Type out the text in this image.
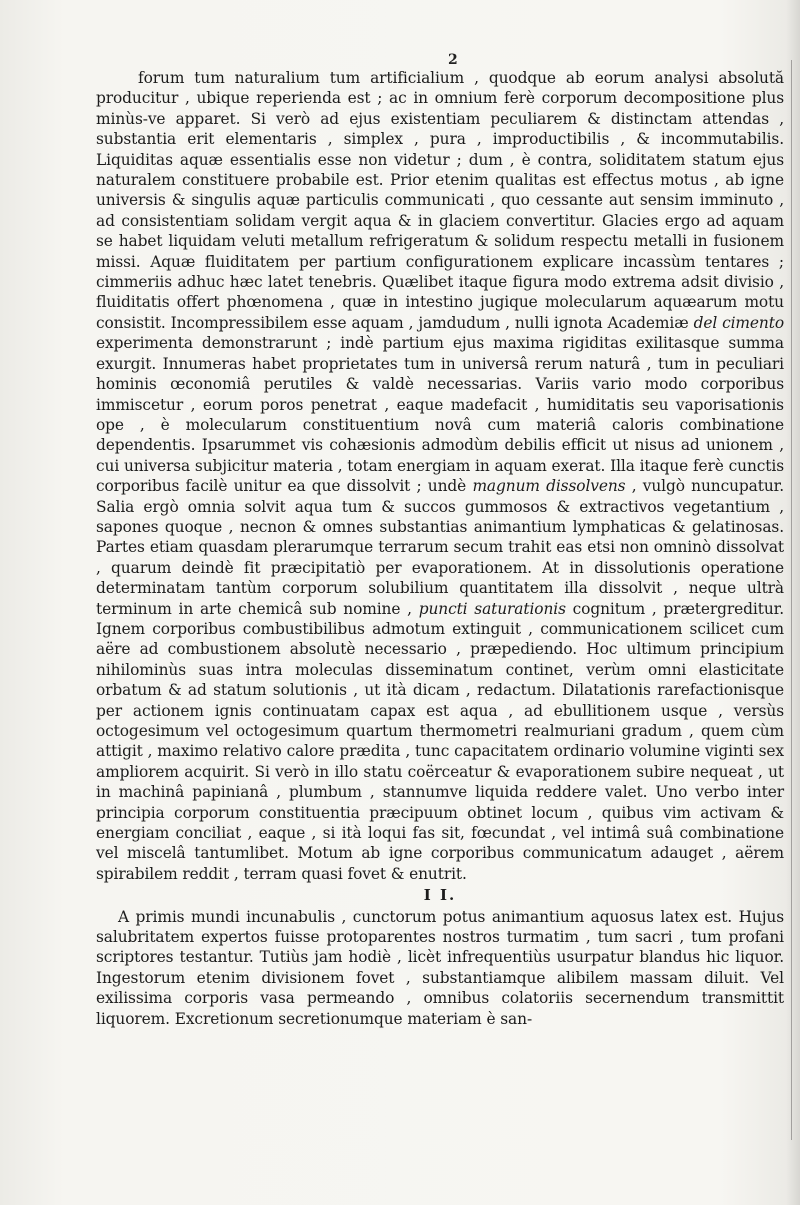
2

forum tum naturalium tum artificialium , quodque ab eorum analysi absolută producitur , ubique reperienda est ; ac in omnium ferè corporum decompositione plus minùs-ve apparet. Si verò ad ejus existentiam peculiarem & distinctam attendas , substantia erit elementaris , simplex , pura , improductibilis , & incommutabilis. Liquiditas aquæ essentialis esse non videtur ; dum , è contra, soliditatem statum ejus naturalem constituere probabile est. Prior etenim qualitas est effectus motus , ab igne universis & singulis aquæ particulis communicati , quo cessante aut sensim imminuto , ad consistentiam solidam vergit aqua & in glaciem convertitur. Glacies ergo ad aquam se habet liquidam veluti metallum refrigeratum & solidum respectu metalli in fusionem missi. Aquæ fluiditatem per partium configurationem explicare incassùm tentares ; cimmeriis adhuc hæc latet tenebris. Quælibet itaque figura modo extrema adsit divisio , fluiditatis offert phœnomena , quæ in intestino jugique molecularum aquæarum motu consistit. Incompressibilem esse aquam , jamdudum , nulli ignota Academiæ del cimento experimenta demonstrarunt ; indè partium ejus maxima rigiditas exilitasque summa exurgit. Innumeras habet proprietates tum in universâ rerum naturâ , tum in peculiari hominis œconomiâ perutiles & valdè necessarias. Variis vario modo corporibus immiscetur , eorum poros penetrat , eaque madefacit , humiditatis seu vaporisationis ope , è molecularum constituentium novâ cum materiâ caloris combinatione dependentis. Ipsarummet vis cohæsionis admodùm debilis efficit ut nisus ad unionem , cui universa subjicitur materia , totam energiam in aquam exerat. Illa itaque ferè cunctis corporibus facilè unitur ea que dissolvit ; undè magnum dissolvens , vulgò nuncupatur. Salia ergò omnia solvit aqua tum & succos gummosos & extractivos vegetantium , sapones quoque , necnon & omnes substantias animantium lymphaticas & gelatinosas. Partes etiam quasdam plerarumque terrarum secum trahit eas etsi non omninò dissolvat , quarum deindè fit præcipitatiò per evaporationem. At in dissolutionis operatione determinatam tantùm corporum solubilium quantitatem illa dissolvit , neque ultrà terminum in arte chemicâ sub nomine , puncti saturationis cognitum , prætergreditur. Ignem corporibus combustibilibus admotum extinguit , communicationem scilicet cum aëre ad combustionem absolutè necessario , præpediendo. Hoc ultimum principium nihilominùs suas intra moleculas disseminatum continet, verùm omni elasticitate orbatum & ad statum solutionis , ut ità dicam , redactum. Dilatationis rarefactionisque per actionem ignis continuatam capax est aqua , ad ebullitionem usque , versùs octogesimum vel octogesimum quartum thermometri realmuriani gradum , quem cùm attigit , maximo relativo calore prædita , tunc capacitatem ordinario volumine viginti sex ampliorem acquirit. Si verò in illo statu coërceatur & evaporationem subire nequeat , ut in machinâ papinianâ , plumbum , stannumve liquida reddere valet. Uno verbo inter principia corporum constituentia præcipuum obtinet locum , quibus vim activam & energiam conciliat , eaque , si ità loqui fas sit, fœcundat , vel intimâ suâ combinatione vel miscelâ tantumlibet. Motum ab igne corporibus communicatum adauget , aërem spirabilem reddit , terram quasi fovet & enutrit.

I I.

A primis mundi incunabulis , cunctorum potus animantium aquosus latex est. Hujus salubritatem expertos fuisse protoparentes nostros turmatim , tum sacri , tum profani scriptores testantur. Tutiùs jam hodiè , licèt infrequentiùs usurpatur blandus hic liquor. Ingestorum etenim divisionem fovet , substantiamque alibilem massam diluit. Vel exilissima corporis vasa permeando , omnibus colatoriis secernendum transmittit liquorem. Excretionum secretionumque materiam è san-
